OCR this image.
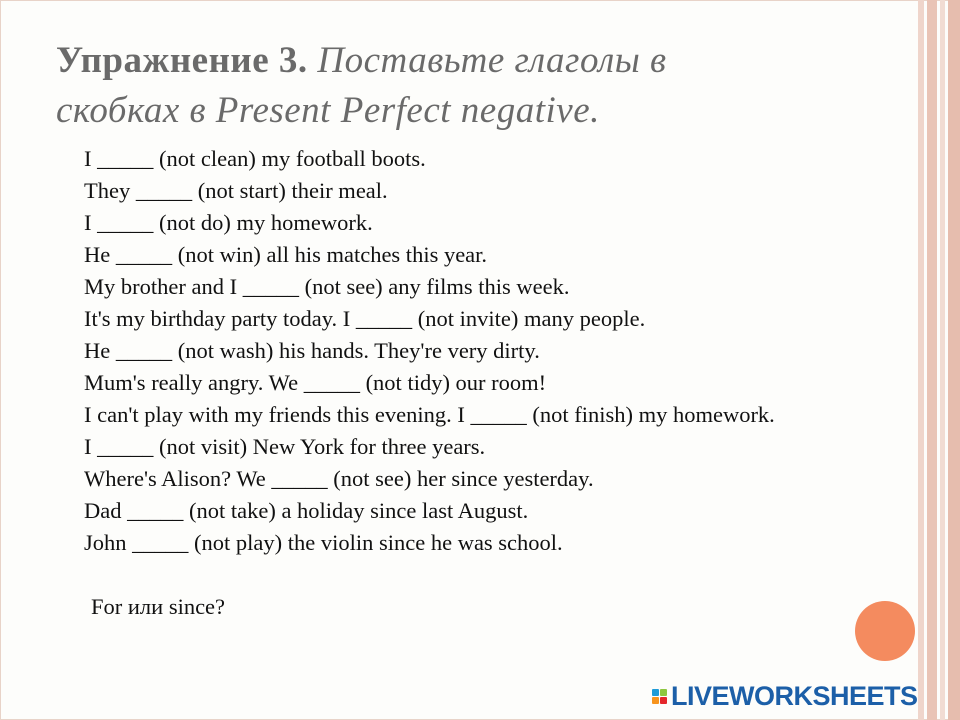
Упражнение 3. Поставьте глаголы в
скобках в Present Perfect negative.
I _____ (not clean) my football boots.
They _____ (not start) their meal.
I _____ (not do) my homework.
He _____ (not win) all his matches this year.
My brother and I _____ (not see) any films this week.
It's my birthday party today. I _____ (not invite) many people.
He _____ (not wash) his hands. They're very dirty.
Mum's really angry. We _____ (not tidy) our room!
I can't play with my friends this evening. I _____ (not finish) my homework.
I _____ (not visit) New York for three years.
Where's Alison? We _____ (not see) her since yesterday.
Dad _____ (not take) a holiday since last August.
John _____ (not play) the violin since he was school.
For или since?
LIVEWORKSHEETS
